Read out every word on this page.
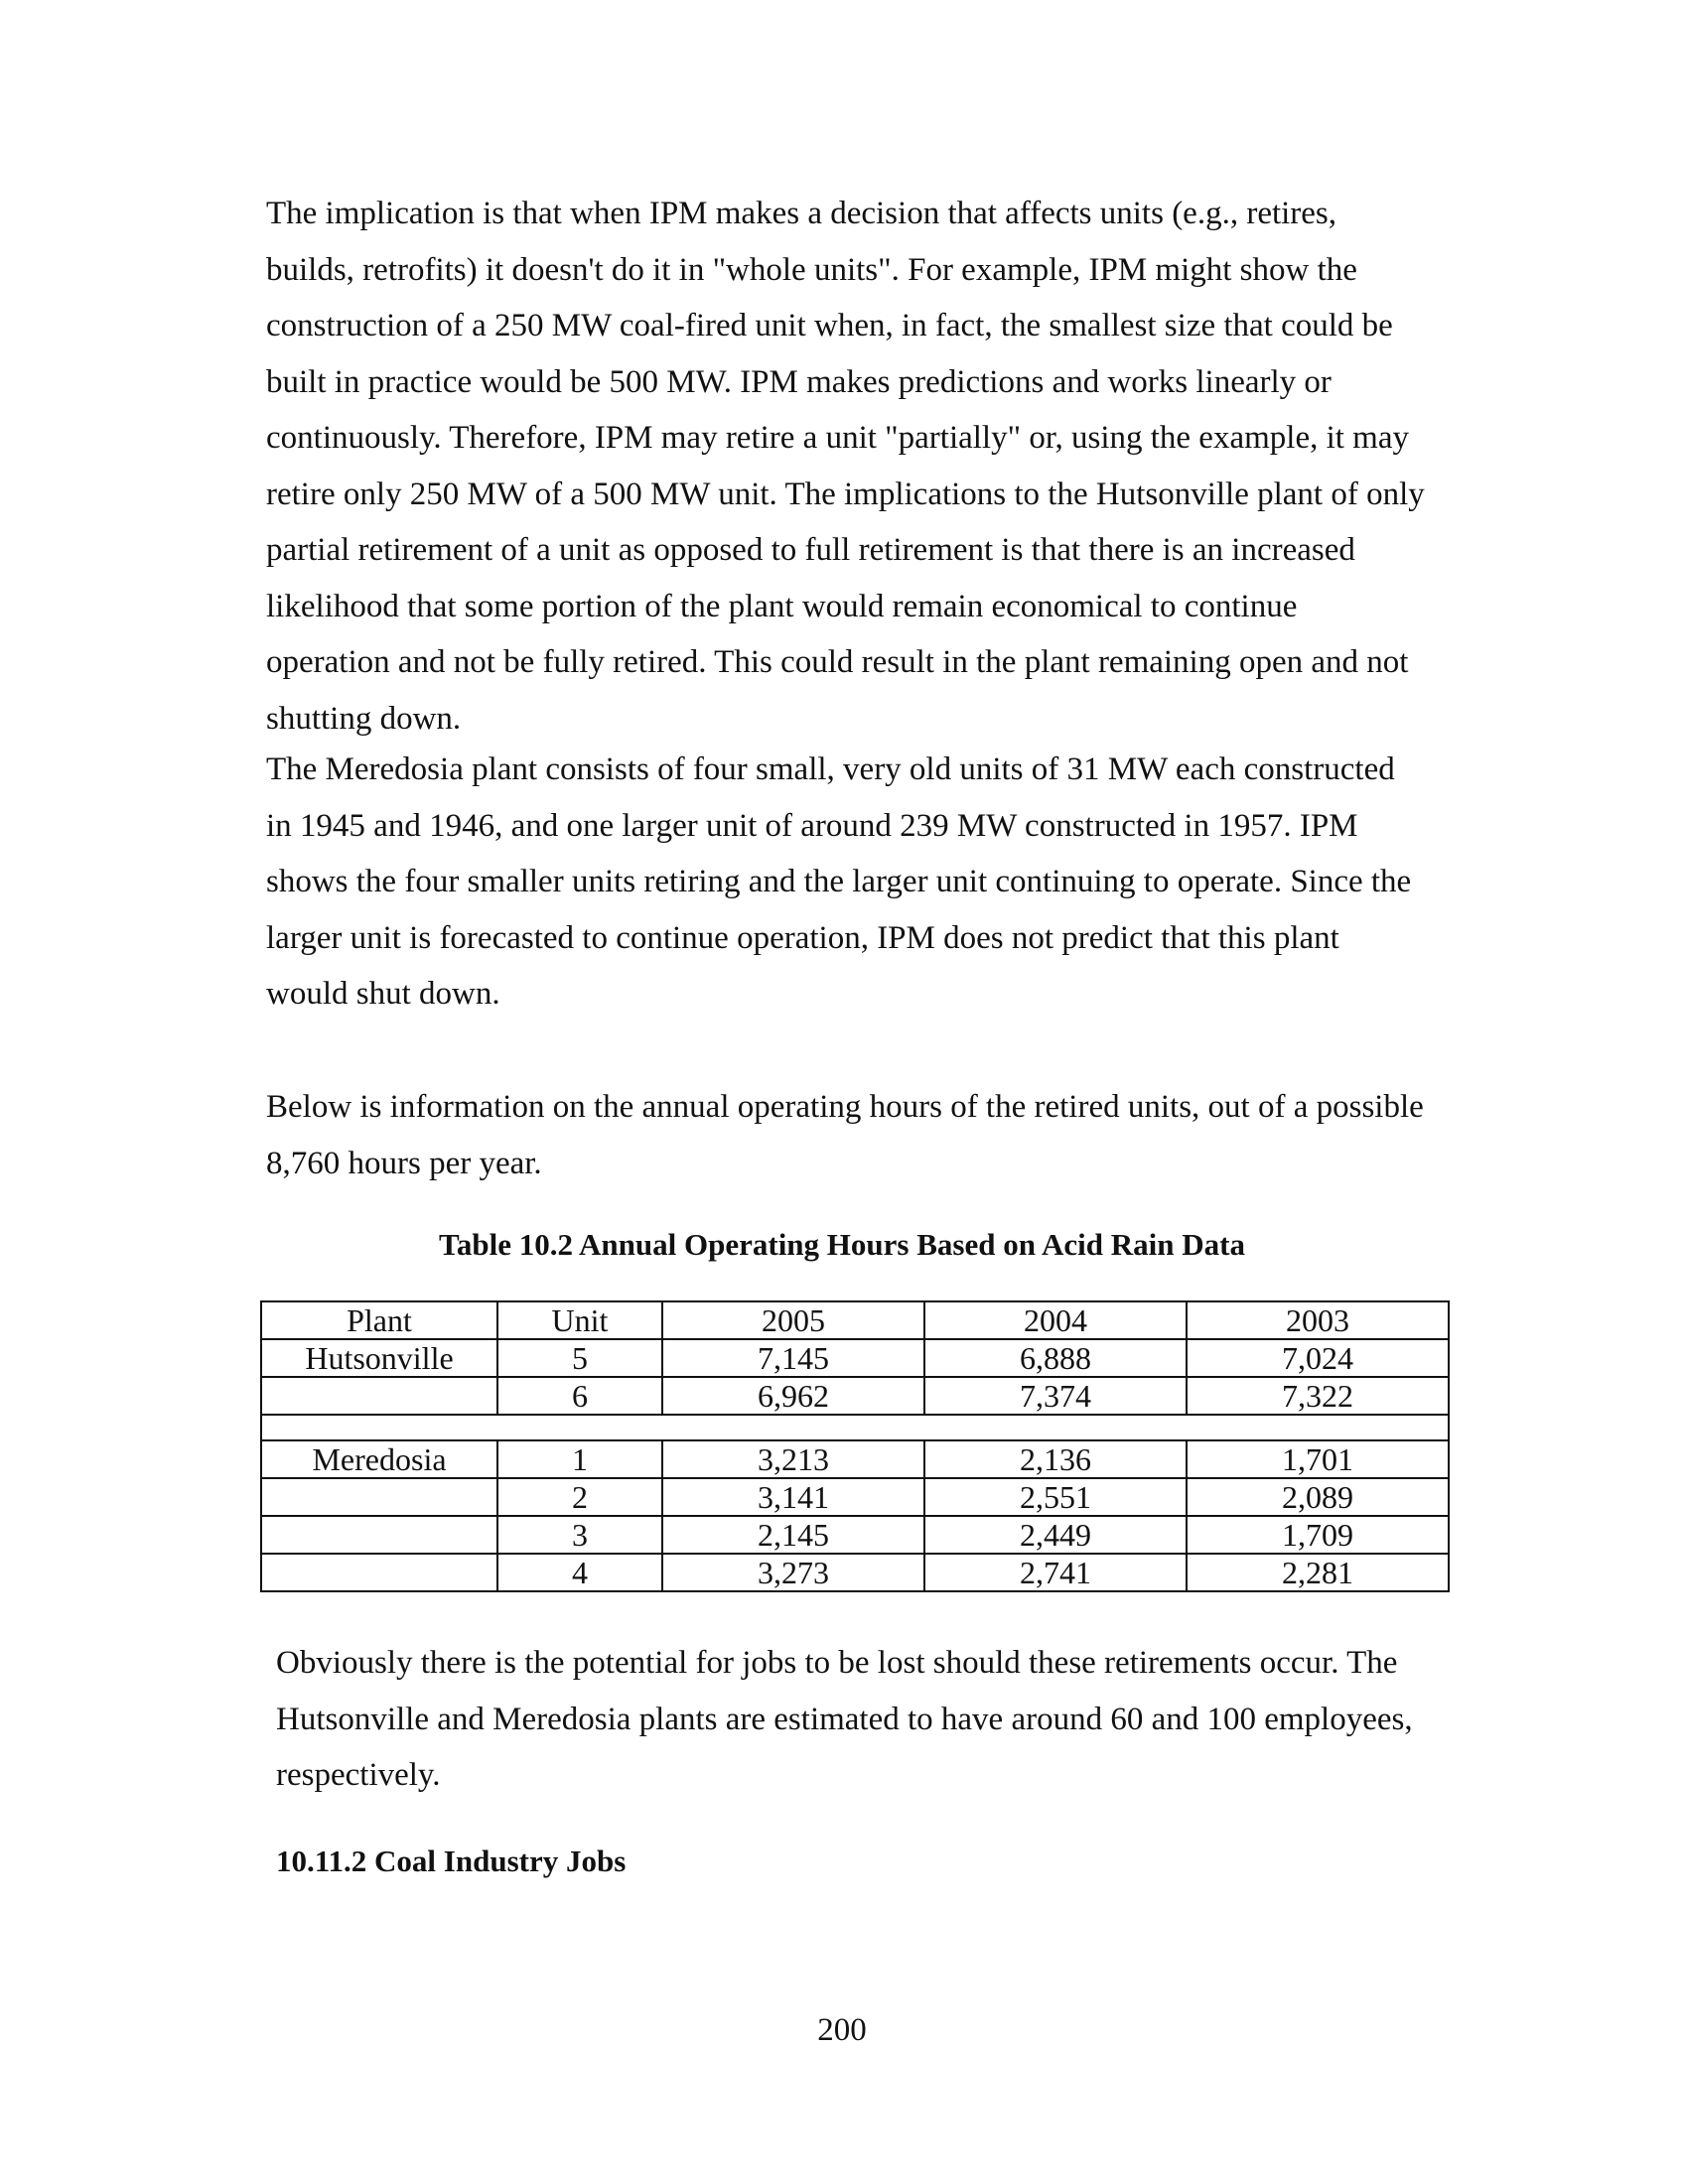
The implication is that when IPM makes a decision that affects units (e.g., retires, builds, retrofits) it doesn't do it in "whole units". For example, IPM might show the construction of a 250 MW coal-fired unit when, in fact, the smallest size that could be built in practice would be 500 MW. IPM makes predictions and works linearly or continuously. Therefore, IPM may retire a unit "partially" or, using the example, it may retire only 250 MW of a 500 MW unit. The implications to the Hutsonville plant of only partial retirement of a unit as opposed to full retirement is that there is an increased likelihood that some portion of the plant would remain economical to continue operation and not be fully retired. This could result in the plant remaining open and not shutting down.

The Meredosia plant consists of four small, very old units of 31 MW each constructed in 1945 and 1946, and one larger unit of around 239 MW constructed in 1957. IPM shows the four smaller units retiring and the larger unit continuing to operate. Since the larger unit is forecasted to continue operation, IPM does not predict that this plant would shut down.

Below is information on the annual operating hours of the retired units, out of a possible 8,760 hours per year.

Table 10.2 Annual Operating Hours Based on Acid Rain Data

Plant	Unit	2005	2004	2003
Hutsonville	5	7,145	6,888	7,024
	6	6,962	7,374	7,322

Meredosia	1	3,213	2,136	1,701
	2	3,141	2,551	2,089
	3	2,145	2,449	1,709
	4	3,273	2,741	2,281

Obviously there is the potential for jobs to be lost should these retirements occur. The Hutsonville and Meredosia plants are estimated to have around 60 and 100 employees, respectively.

10.11.2 Coal Industry Jobs

200
